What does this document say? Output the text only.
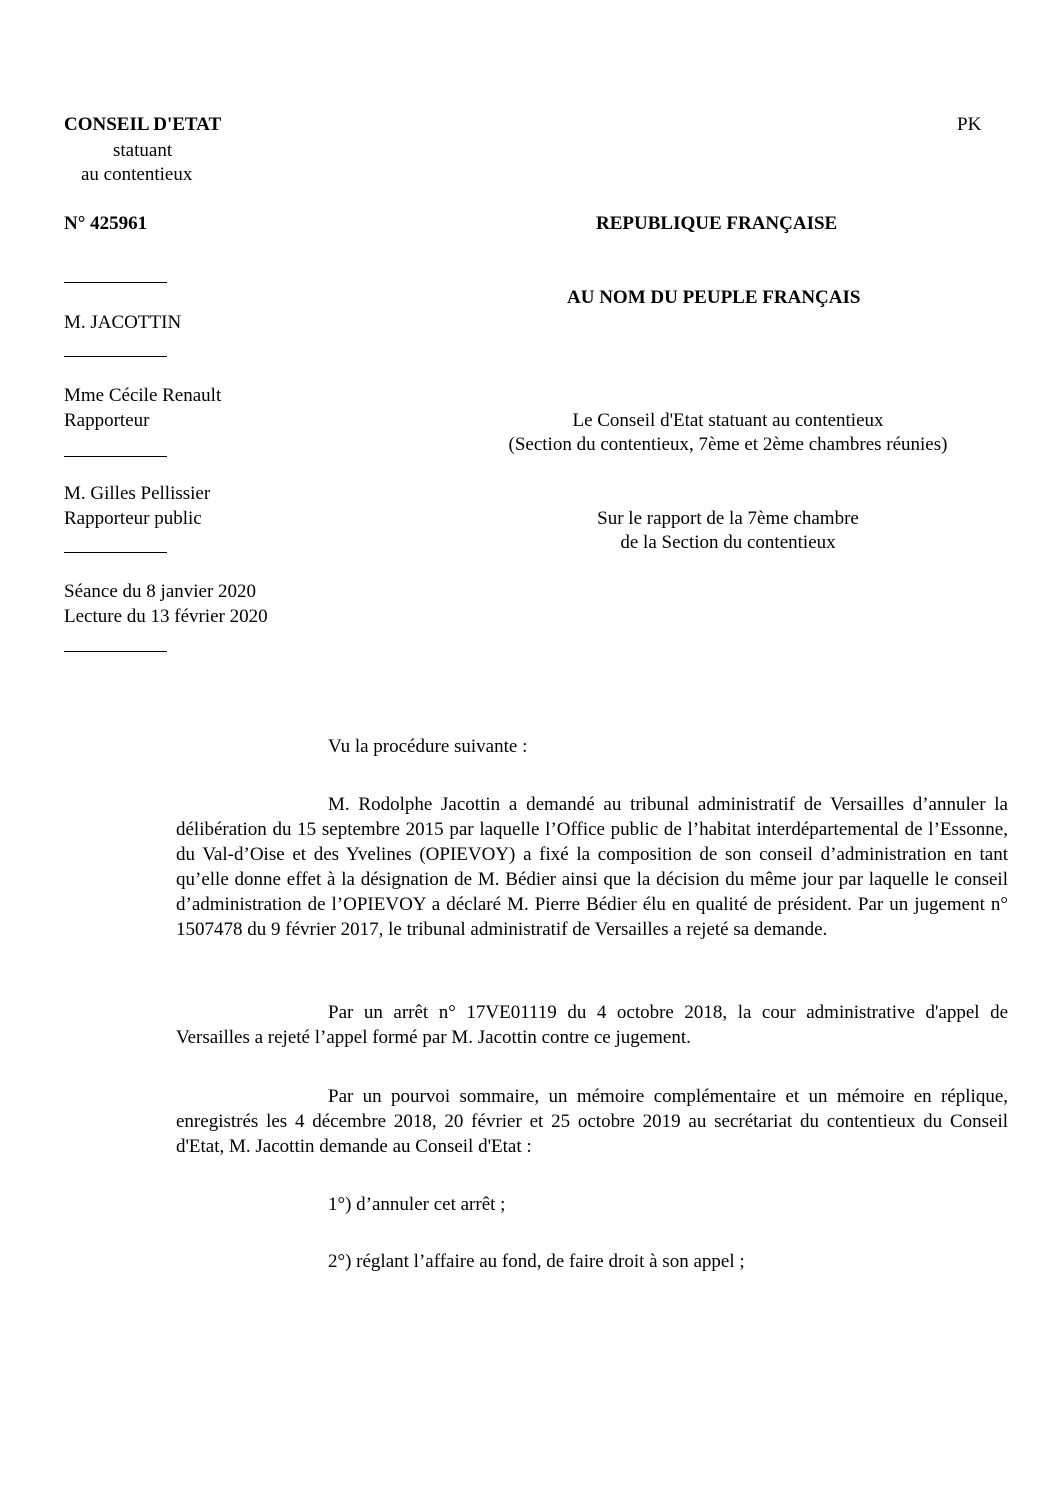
CONSEIL D'ETAT
statuant
au contentieux
PK
N° 425961	REPUBLIQUE FRANÇAISE
AU NOM DU PEUPLE FRANÇAIS
M. JACOTTIN
Mme Cécile Renault
Rapporteur	Le Conseil d'Etat statuant au contentieux
(Section du contentieux, 7ème et 2ème chambres réunies)
M. Gilles Pellissier
Rapporteur public	Sur le rapport de la 7ème chambre
de la Section du contentieux
Séance du 8 janvier 2020
Lecture du 13 février 2020
Vu la procédure suivante :
M. Rodolphe Jacottin a demandé au tribunal administratif de Versailles d’annuler la délibération du 15 septembre 2015 par laquelle l’Office public de l’habitat interdépartemental de l’Essonne, du Val-d’Oise et des Yvelines (OPIEVOY) a fixé la composition de son conseil d’administration en tant qu’elle donne effet à la désignation de M. Bédier ainsi que la décision du même jour par laquelle le conseil d’administration de l’OPIEVOY a déclaré M. Pierre Bédier élu en qualité de président. Par un jugement n° 1507478 du 9 février 2017, le tribunal administratif de Versailles a rejeté sa demande.
Par un arrêt n° 17VE01119 du 4 octobre 2018, la cour administrative d'appel de Versailles a rejeté l’appel formé par M. Jacottin contre ce jugement.
Par un pourvoi sommaire, un mémoire complémentaire et un mémoire en réplique, enregistrés les 4 décembre 2018, 20 février et 25 octobre 2019 au secrétariat du contentieux du Conseil d'Etat, M. Jacottin demande au Conseil d'Etat :
1°) d’annuler cet arrêt ;
2°) réglant l’affaire au fond, de faire droit à son appel ;
